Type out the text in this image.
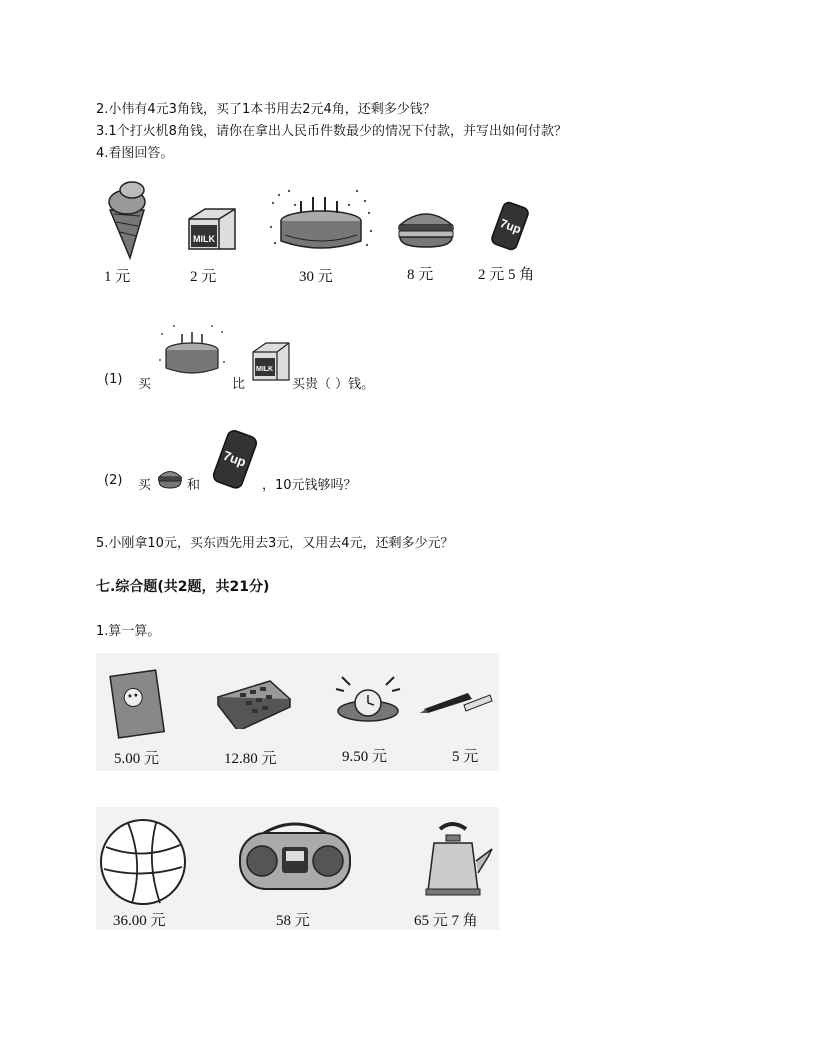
2.小伟有4元3角钱，买了1本书用去2元4角，还剩多少钱？
3.1个打火机8角钱，请你在拿出人民币件数最少的情况下付款，并写出如何付款？
4.看图回答。
MILK
7up
1 元	2 元	30 元	8 元	2 元 5 角
(1) 买	比
MILK
买贵（ ）钱。
(2) 买	和
7up
，10元钱够吗？
5.小刚拿10元，买东西先用去3元，又用去4元，还剩多少元？
七.综合题(共2题，共21分)
1.算一算。
5.00 元	12.80 元	9.50 元	5 元
36.00 元	58 元	65 元 7 角
